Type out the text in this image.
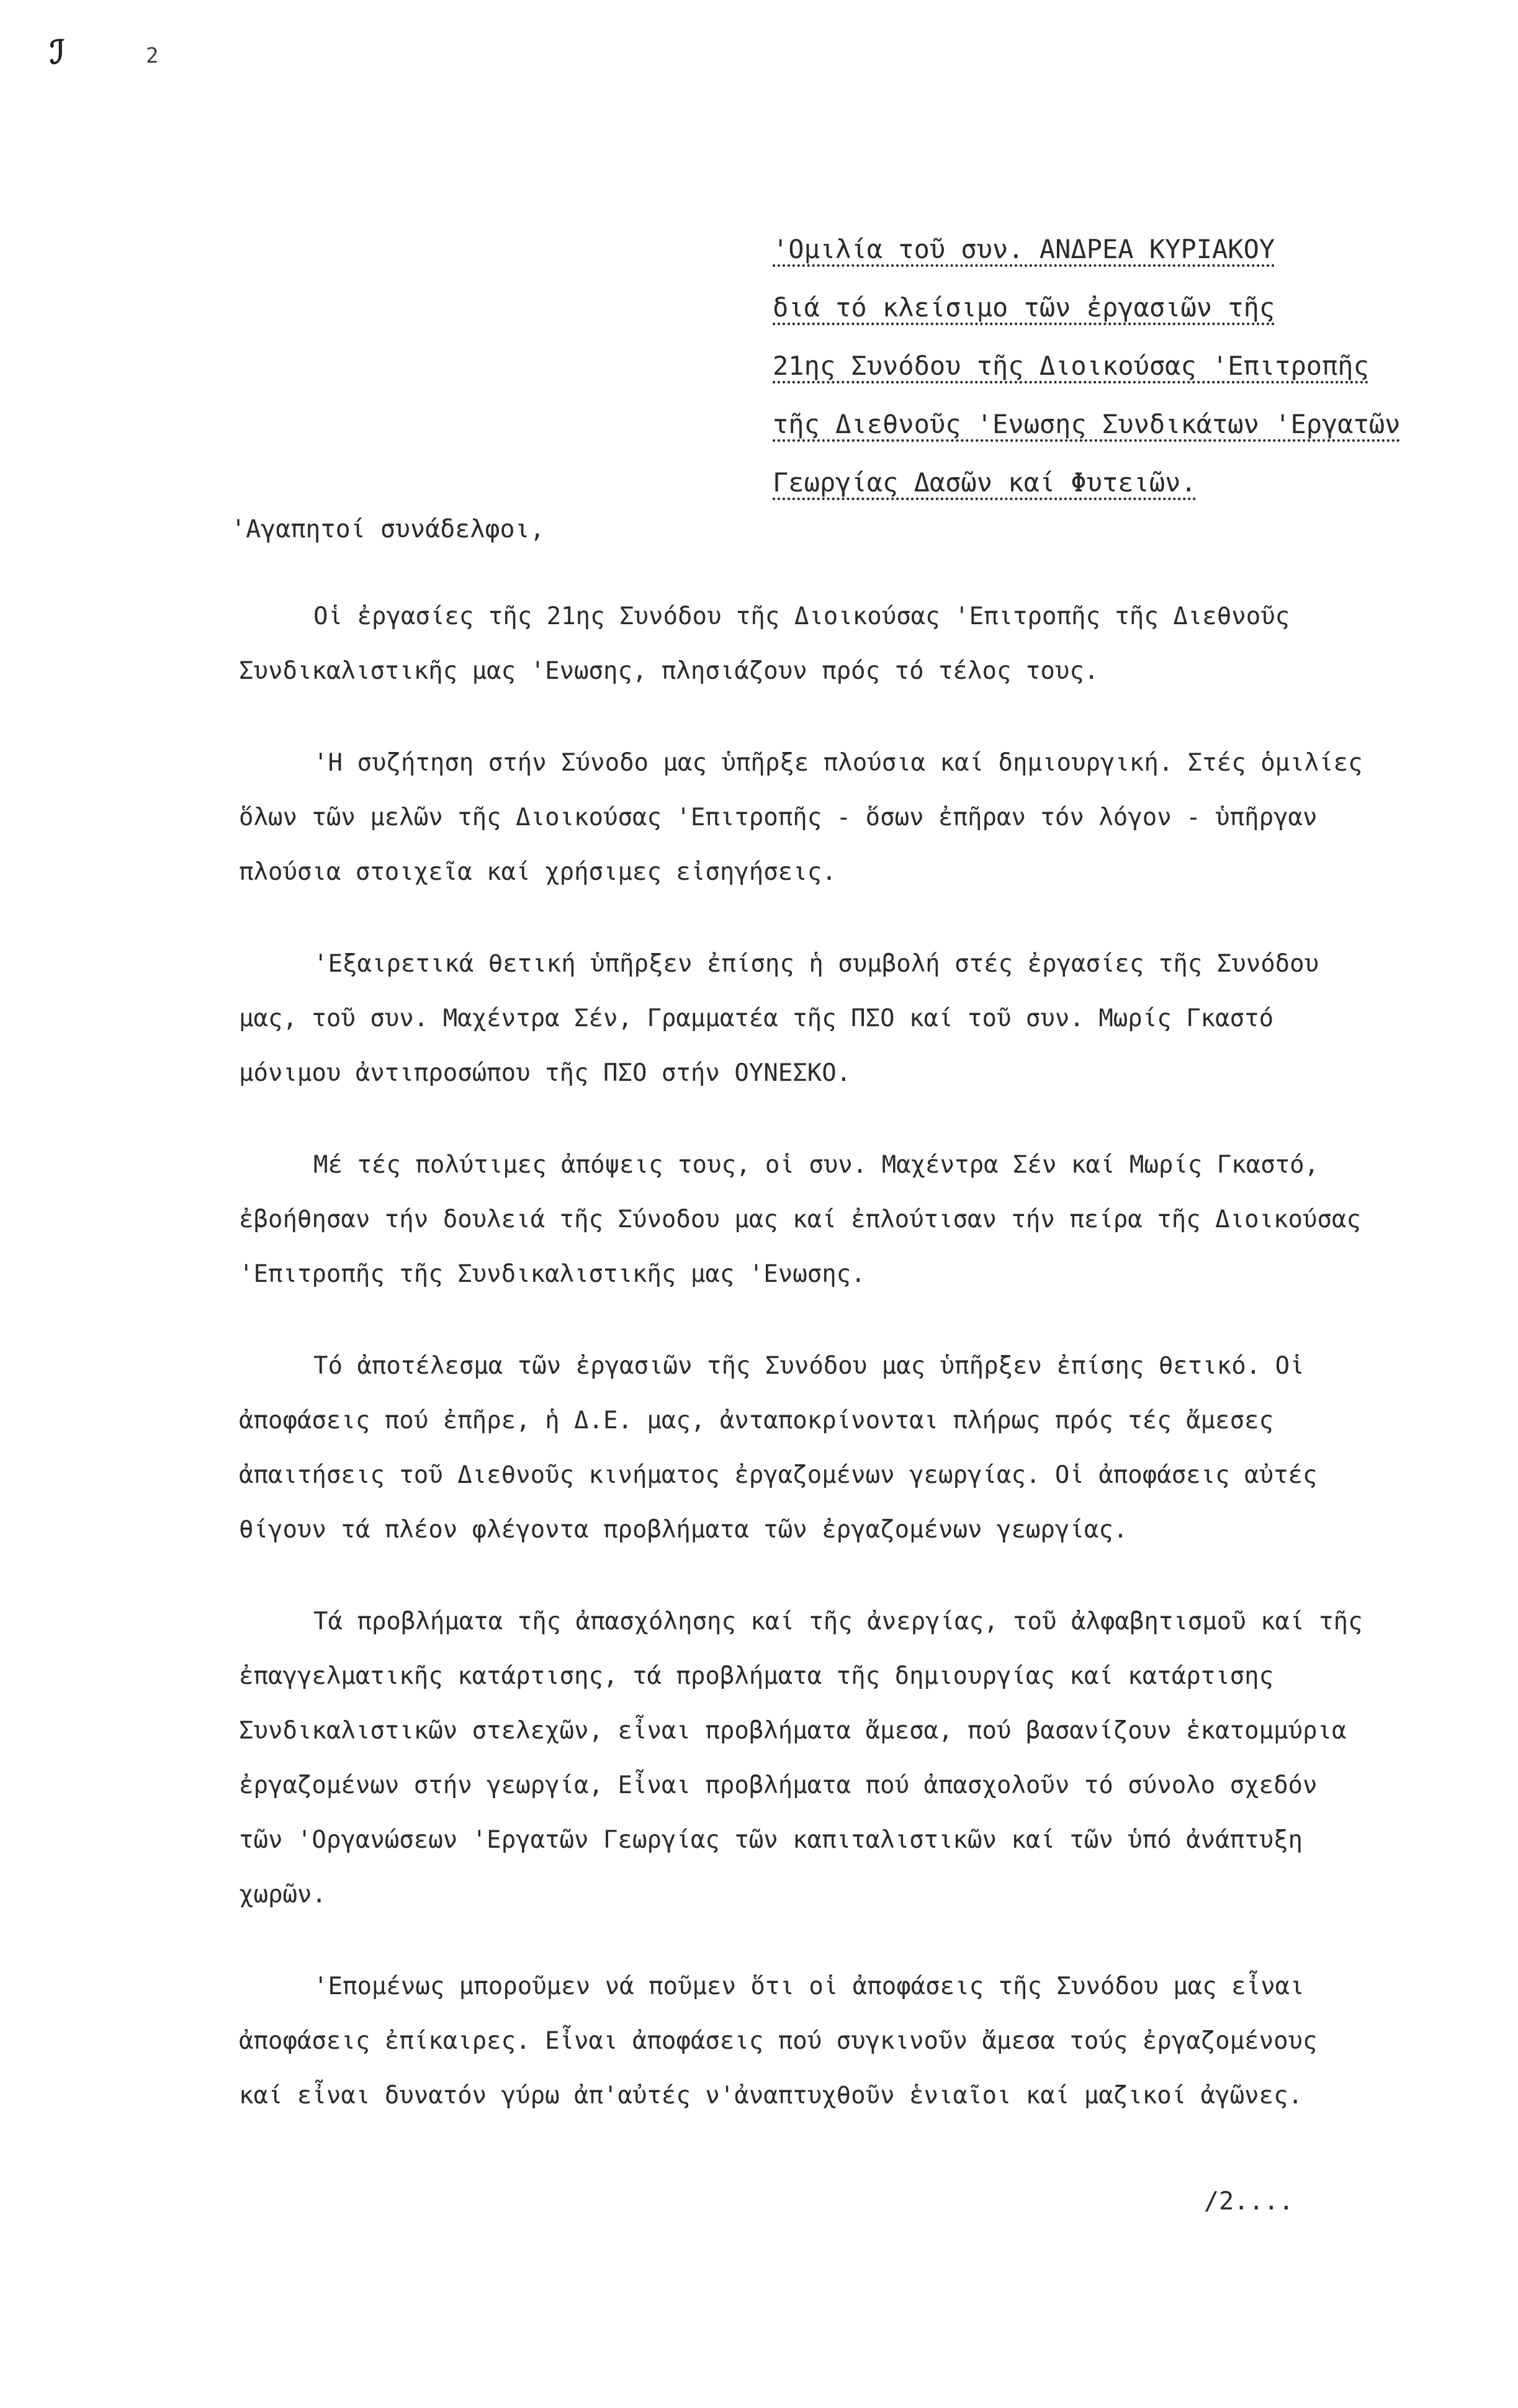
ℐ	2
'Ομιλία τοῦ συν. ΑΝΔΡΕΑ ΚΥΡΙΑΚΟΥ
διά τό κλείσιμο τῶν ἐργασιῶν τῆς
21ης Συνόδου τῆς Διοικούσας 'Επιτροπῆς
τῆς Διεθνοῦς 'Ενωσης Συνδικάτων 'Εργατῶν
Γεωργίας Δασῶν καί Φυτειῶν.
'Αγαπητοί συνάδελφοι,
Οἱ ἐργασίες τῆς 21ης Συνόδου τῆς Διοικούσας 'Επιτροπῆς τῆς Διεθνοῦς
Συνδικαλιστικῆς μας 'Ενωσης, πλησιάζουν πρός τό τέλος τους.
'Η συζήτηση στήν Σύνοδο μας ὑπῆρξε πλούσια καί δημιουργική. Στές ὁμιλίες
ὅλων τῶν μελῶν τῆς Διοικούσας 'Επιτροπῆς - ὅσων ἐπῆραν τόν λόγον - ὑπῆργαν
πλούσια στοιχεῖα καί χρήσιμες εἰσηγήσεις.
'Εξαιρετικά θετική ὑπῆρξεν ἐπίσης ἡ συμβολή στές ἐργασίες τῆς Συνόδου
μας, τοῦ συν. Μαχέντρα Σέν, Γραμματέα τῆς ΠΣΟ καί τοῦ συν. Μωρίς Γκαστό
μόνιμου ἀντιπροσώπου τῆς ΠΣΟ στήν ΟΥΝΕΣΚΟ.
Μέ τές πολύτιμες ἀπόψεις τους, οἱ συν. Μαχέντρα Σέν καί Μωρίς Γκαστό,
ἐβοήθησαν τήν δουλειά τῆς Σύνοδου μας καί ἐπλούτισαν τήν πείρα τῆς Διοικούσας
'Επιτροπῆς τῆς Συνδικαλιστικῆς μας 'Ενωσης.
Τό ἀποτέλεσμα τῶν ἐργασιῶν τῆς Συνόδου μας ὑπῆρξεν ἐπίσης θετικό. Οἱ
ἀποφάσεις πού ἐπῆρε, ἡ Δ.Ε. μας, ἀνταποκρίνονται πλήρως πρός τές ἄμεσες
ἀπαιτήσεις τοῦ Διεθνοῦς κινήματος ἐργαζομένων γεωργίας. Οἱ ἀποφάσεις αὐτές
θίγουν τά πλέον φλέγοντα προβλήματα τῶν ἐργαζομένων γεωργίας.
Τά προβλήματα τῆς ἀπασχόλησης καί τῆς ἀνεργίας, τοῦ ἀλφαβητισμοῦ καί τῆς
ἐπαγγελματικῆς κατάρτισης, τά προβλήματα τῆς δημιουργίας καί κατάρτισης
Συνδικαλιστικῶν στελεχῶν, εἶναι προβλήματα ἄμεσα, πού βασανίζουν ἑκατομμύρια
ἐργαζομένων στήν γεωργία, Εἶναι προβλήματα πού ἀπασχολοῦν τό σύνολο σχεδόν
τῶν 'Οργανώσεων 'Εργατῶν Γεωργίας τῶν καπιταλιστικῶν καί τῶν ὑπό ἀνάπτυξη
χωρῶν.
'Επομένως μποροῦμεν νά ποῦμεν ὅτι οἱ ἀποφάσεις τῆς Συνόδου μας εἶναι
ἀποφάσεις ἐπίκαιρες. Εἶναι ἀποφάσεις πού συγκινοῦν ἄμεσα τούς ἐργαζομένους
καί εἶναι δυνατόν γύρω ἀπ'αὐτές ν'ἀναπτυχθοῦν ἑνιαῖοι καί μαζικοί ἀγῶνες.
/2....
